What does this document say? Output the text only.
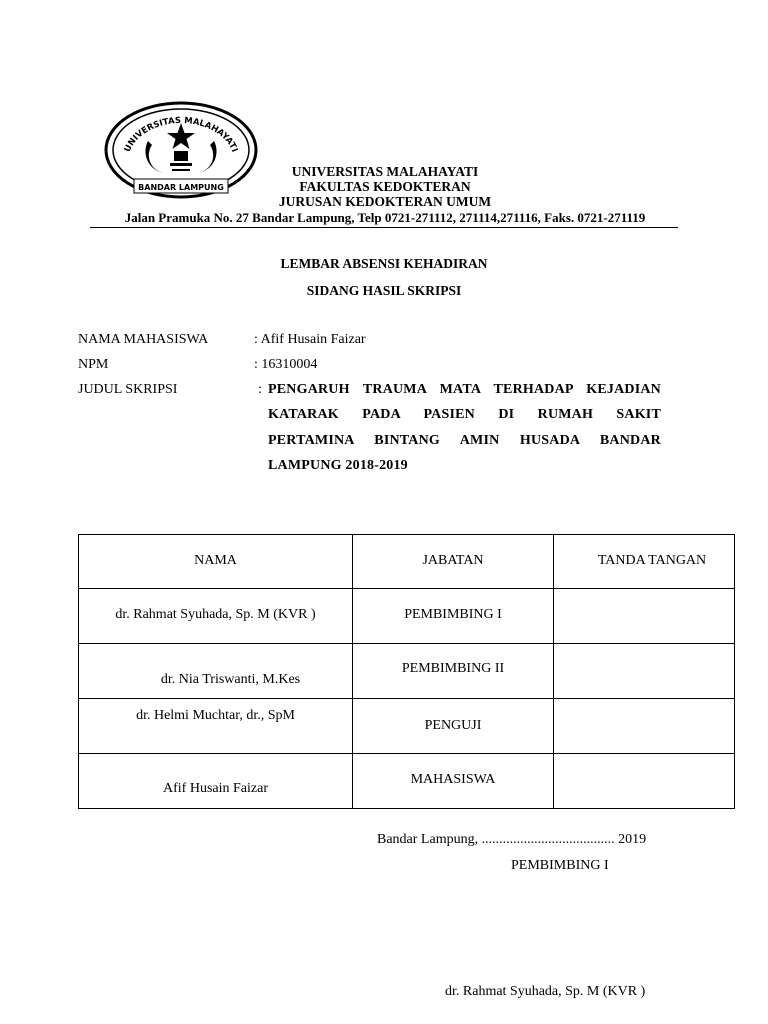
UNIVERSITAS MALAHAYATI
BANDAR LAMPUNG
UNIVERSITAS MALAHAYATI
FAKULTAS KEDOKTERAN
JURUSAN KEDOKTERAN UMUM
Jalan Pramuka No. 27 Bandar Lampung, Telp 0721-271112, 271114,271116, Faks. 0721-271119
LEMBAR ABSENSI KEHADIRAN
SIDANG HASIL SKRIPSI
NAMA MAHASISWA	: Afif Husain Faizar
NPM	: 16310004
JUDUL SKRIPSI	: PENGARUH TRAUMA MATA TERHADAP KEJADIAN
KATARAK PADA PASIEN DI RUMAH SAKIT
PERTAMINA BINTANG AMIN HUSADA BANDAR
LAMPUNG 2018-2019
NAMA	JABATAN	TANDA TANGAN

dr. Rahmat Syuhada, Sp. M (KVR )	PEMBIMBING I	

dr. Nia Triswanti, M.Kes	PEMBIMBING II	

dr. Helmi Muchtar, dr., SpM	PENGUJI	

Afif Husain Faizar	MAHASISWA	

Bandar Lampung, ...................................... 2019
PEMBIMBING I
dr. Rahmat Syuhada, Sp. M (KVR )
